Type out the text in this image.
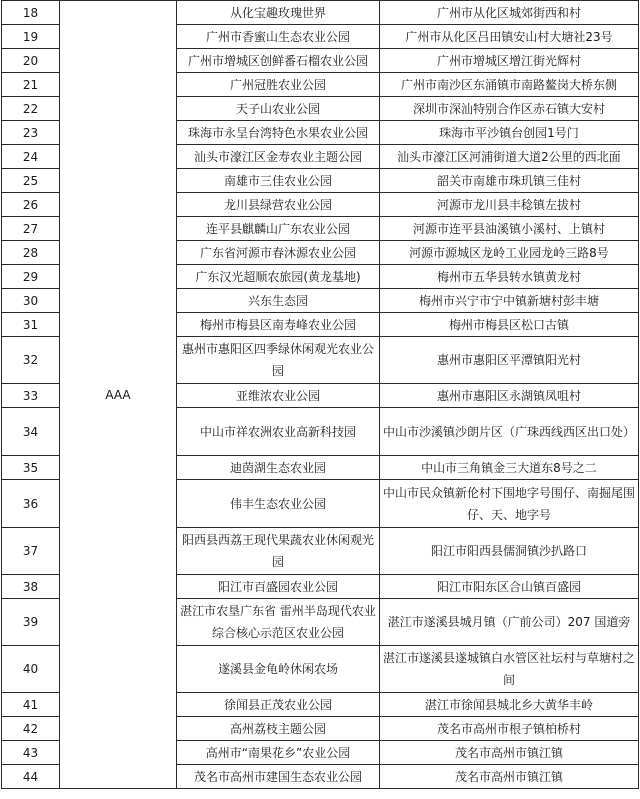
18	AAA	从化宝趣玫瑰世界	广州市从化区城郊街西和村
19		广州市香蜜山生态农业公园	广州市从化区吕田镇安山村大塘社23号
20		广州市增城区创鲜番石榴农业公园	广州市增城区增江街光辉村
21		广州冠胜农业公园	广州市南沙区东涌镇市南路鳌岗大桥东侧
22		天子山农业公园	深圳市深汕特别合作区赤石镇大安村
23		珠海市永呈台湾特色水果农业公园	珠海市平沙镇台创园1号门
24		汕头市濠江区金寿农业主题公园	汕头市濠江区河浦街道大道2公里的西北面
25		南雄市三佳农业公园	韶关市南雄市珠玑镇三佳村
26		龙川县绿营农业公园	河源市龙川县丰稔镇左拔村
27		连平县麒麟山广东农业公园	河源市连平县油溪镇小溪村、上镇村
28		广东省河源市春沐源农业公园	河源市源城区龙岭工业园龙岭三路8号
29		广东汉光超顺农旅园(黄龙基地)	梅州市五华县转水镇黄龙村
30		兴东生态园	梅州市兴宁市宁中镇新塘村彭丰塘
31		梅州市梅县区南寿峰农业公园	梅州市梅县区松口古镇
32		惠州市惠阳区四季绿休闲观光农业公园	惠州市惠阳区平潭镇阳光村
33		亚维浓农业公园	惠州市惠阳区永湖镇凤咀村
34		中山市祥农洲农业高新科技园	中山市沙溪镇沙朗片区（广珠西线西区出口处）
35		迪茵湖生态农业园	中山市三角镇金三大道东8号之二
36		伟丰生态农业公园	中山市民众镇新伦村下围地字号围仔、南掘尾围仔、天、地字号
37		阳西县西荔王现代果蔬农业休闲观光园	阳江市阳西县儒洞镇沙扒路口
38		阳江市百盛园农业公园	阳江市阳东区合山镇百盛园
39		湛江市农垦广东省 雷州半岛现代农业综合核心示范区农业公园	湛江市遂溪县城月镇（广前公司）207 国道旁
40		遂溪县金龟岭休闲农场	湛江市遂溪县遂城镇白水管区社坛村与草塘村之间
41		徐闻县正茂农业公园	湛江市徐闻县城北乡大黄华丰岭
42		高州荔枝主题公园	茂名市高州市根子镇柏桥村
43		高州市“南果花乡”农业公园	茂名市高州市镇江镇
44		茂名市高州市建国生态农业公园	茂名市高州市镇江镇
